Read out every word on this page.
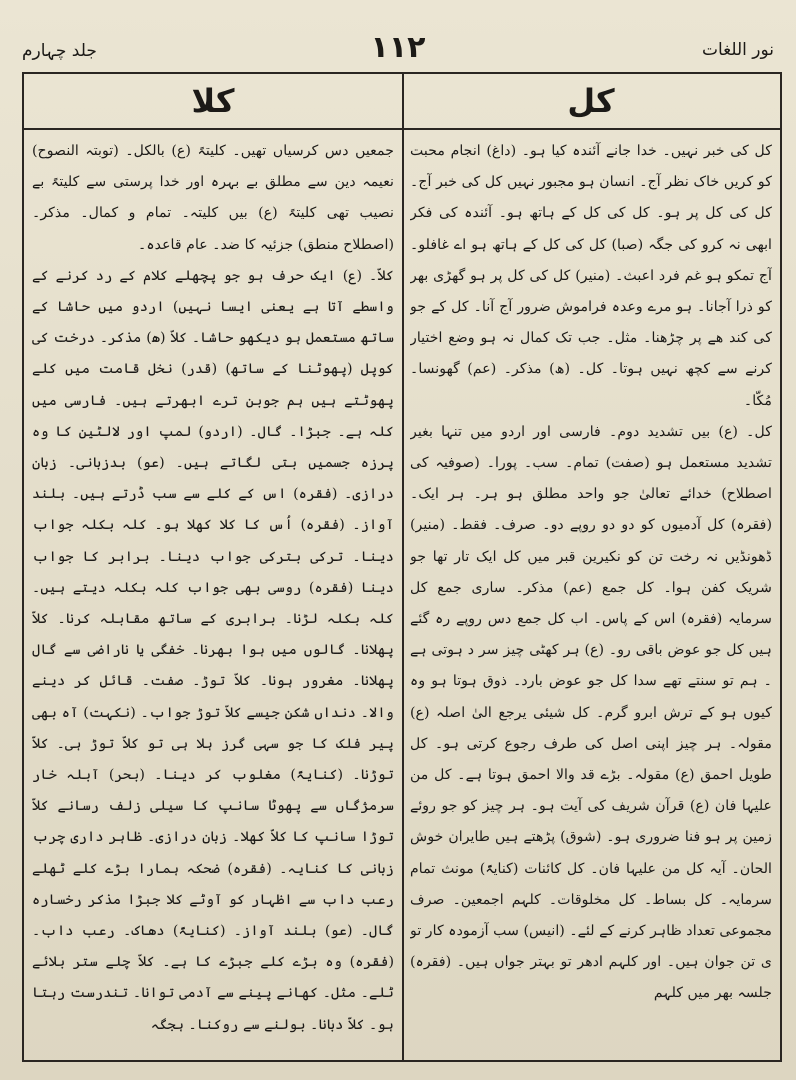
نور اللغات
۱۱۲
جلد چہارم
کل
کلا

کل کی خبر نہیں۔ خدا جانے آئندہ کیا ہو۔ (داغ) انجام محبت کو کریں خاک نظر آج۔ انسان ہو مجبور نہیں کل کی خبر آج۔ کل کی کل پر ہو۔ کل کی کل کے ہاتھ ہو۔ آئندہ کی فکر ابھی نہ کرو کی جگہ (صبا) کل کی کل کے ہاتھ ہو اے غافلو۔ آج تمکو ہو غم فرد اعبث۔ (منیر) کل کی کل پر ہو گھڑی بھر کو ذرا آجانا۔ ہو مرے وعدہ فراموش ضرور آج آنا۔ کل کے جو کی کند ھے پر چڑھنا۔ مثل۔ جب تک کمال نہ ہو وضع اختیار کرنے سے کچھ نہیں ہوتا۔ کل۔ (ھ) مذکر۔ (عم) گھونسا۔ مُکّا۔

کل۔ (ع) بیں تشدید دوم۔ فارسی اور اردو میں تنہا بغیر تشدید مستعمل ہو (صفت) تمام۔ سب۔ پورا۔ (صوفیہ کی اصطلاح) خدائے تعالیٰ جو واحد مطلق ہو ہر۔ ہر ایک۔ (فقرہ) کل آدمیوں کو دو دو روپے دو۔ صرف۔ فقط۔ (منیر) ڈھونڈیں نہ رخت تن کو نکیرین قبر میں کل ایک تار تھا جو شریک کفن ہوا۔ کل جمع (عم) مذکر۔ ساری جمع کل سرمایہ (فقرہ) اس کے پاس۔ اب کل جمع دس روپے رہ گئے ہیں کل جو عوض باقی رو۔ (ع) ہر کھٹی چیز سر د ہوتی ہے ۔ ہم تو سنتے تھے سدا کل جو عوض بارد۔ ذوق ہوتا ہو وہ کیوں ہو کے ترش ابرو گرم۔ کل شیئی یرجع الیٰ اصلہ (ع) مقولہ۔ ہر چیز اپنی اصل کی طرف رجوع کرتی ہو۔ کل طویل احمق (ع) مقولہ۔ بڑے قد والا احمق ہوتا ہے۔ کل من علیہا فان (ع) قرآن شریف کی آیت ہو۔ ہر چیز کو جو روئے زمین پر ہو فنا ضروری ہو۔ (شوق) پڑھتے ہیں طایران خوش الحان۔ آیہ کل من علیہا فان۔ کل کائنات (کنایۃً) مونث تمام سرمایہ۔ کل بساط۔ کل مخلوقات۔ کلہم اجمعین۔ صرف مجموعی تعداد ظاہر کرنے کے لئے۔ (انیس) سب آزمودہ کار تو ی تن جوان ہیں۔ اور کلہم ادھر تو بہتر جواں ہیں۔ (فقرہ) جلسہ بھر میں کلہم

جمعیں دس کرسیاں تھیں۔ کلیتہً (ع) بالکل۔ (توبتہ النصوح) نعیمہ دین سے مطلق بے بہرہ اور خدا پرستی سے کلیتہً بے نصیب تھی کلیتہً (ع) بیں کلیتہ۔ تمام و کمال۔ مذکر۔ (اصطلاح منطق) جزئیہ کا ضد۔ عام قاعدہ۔

کلاّ۔ (ع) ایک حرف ہو جو پچھلے کلام کے رد کرنے کے واسطے آتا ہے یعنی ایسا نہیں) اردو میں حاشا کے ساتھ مستعمل ہو دیکھو حاشا۔ کلاّ (ھ) مذکر۔ درخت کی کوپل (پھوٹنا کے ساتھ) (قدر) نخل قامت میں کلے پھوٹتے ہیں ہم جوبن ترے ابھرتے ہیں۔ فارسی میں کلہ ہے۔ جبڑا۔ گال۔ (اردو) لمپ اور لالٹین کا وہ پرزہ جسمیں بتی لگاتے ہیں۔ (عو) بدزبانی۔ زبان درازی۔ (فقرہ) اس کے کلے سے سب ڈرتے ہیں۔ بلند آواز۔ (فقرہ) اُس کا کلا کھلا ہو۔ کلہ بکلہ جواب دینا۔ ترکی بترکی جواب دینا۔ برابر کا جواب دینا (فقرہ) روسی بھی جواب کلہ بکلہ دیتے ہیں۔ کلہ بکلہ لڑنا۔ برابری کے ساتھ مقابلہ کرنا۔ کلاّ پھلانا۔ گالوں میں ہوا بھرنا۔ خفگی یا ناراضی سے گال پھلانا۔ مغرور ہونا۔ کلاّ توڑ۔ صفت۔ قائل کر دینے والا۔ دنداں شکن جیسے کلاّ توڑ جواب۔ (نکہت) آہ بھی پیر فلک کا جو سہی گرز ہلا ہی تو کلاّ توڑ ہی۔ کلاّ توڑنا۔ (کنایۃً) مغلوب کر دینا۔ (بحر) آبلہ خار سرمژگاں سے پھوٹا سانپ کا سیلی زلف رسانے کلاّ توڑا سانپ کا کلاّ کھلا۔ زبان درازی۔ ظاہر داری چرب زبانی کا کنایہ۔ (فقرہ) ضحکہ ہمارا بڑے کلے ٹھلے رعب داب سے اظہار کو آوٹے کلا جبڑا مذکر رخسارہ گال۔ (عو) بلند آواز۔ (کنایۃً) دھاک۔ رعب داب۔ (فقرہ) وہ بڑے کلے جبڑے کا ہے۔ کلاّ چلے ستر بلائے ٹلے۔ مثل۔ کھانے پینے سے آدمی توانا۔ تندرست رہتا ہو۔ کلاّ دبانا۔ بولنے سے روکنا۔ ہجگہ
